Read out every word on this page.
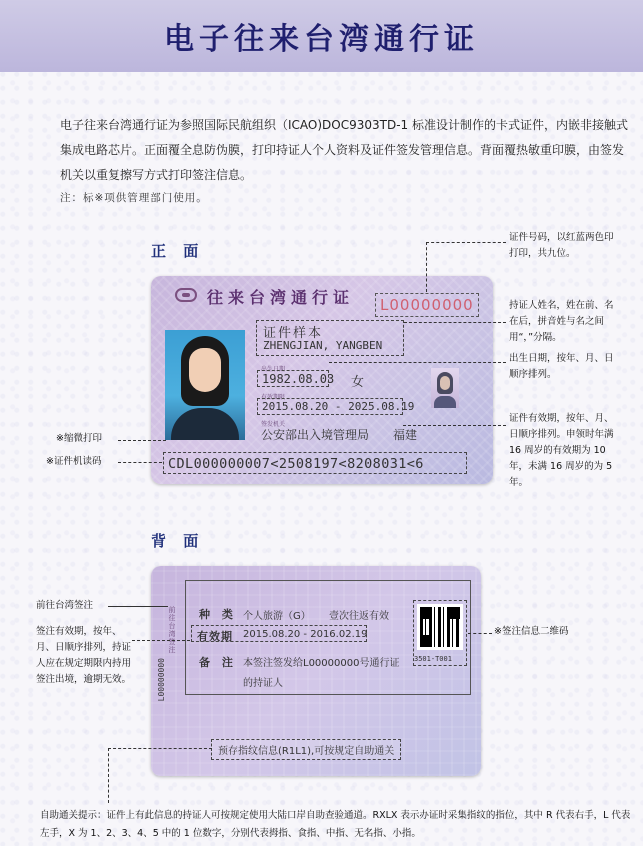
电子往来台湾通行证

电子往来台湾通行证为参照国际民航组织（ICAO)DOC9303TD-1 标准设计制作的卡式证件，内嵌非接触式集成电路芯片。正面覆全息防伪膜，打印持证人个人资料及证件签发管理信息。背面覆热敏重印膜，由签发机关以重复擦写方式打印签注信息。

注：标※项供管理部门使用。

正 面
往来台湾通行证	L00000000
证件样本
ZHENGJIAN, YANGBEN
出生日期
1982.08.03 女
有效期限
2015.08.20 - 2025.08.19
签发机关
公安部出入境管理局 福建
CDL000000007<2508197<8208031<6
证件号码，以红蓝两色印打印，共九位。
持证人姓名，姓在前、名在后，拼音姓与名之间用“，”分隔。
出生日期，按年、月、日顺序排列。
证件有效期，按年、月、日顺序排列。申领时年满 16 周岁的有效期为 10 年，未满 16 周岁的为 5 年。
※缩微打印
※证件机读码
背 面
前往台湾签注
L00000000
种 类 个人旅游（G） 壹次往返有效
有效期 2015.08.20 - 2016.02.19
备 注 本签注签发给L00000000号通行证的持证人
3501-T001
预存指纹信息(R1L1),可按规定自助通关
前往台湾签注
签注有效期，按年、月、日顺序排列，持证人应在规定期限内持用签注出境，逾期无效。
※签注信息二维码

自助通关提示：证件上有此信息的持证人可按规定使用大陆口岸自助查验通道。RXLX 表示办证时采集指纹的指位，其中 R 代表右手，L 代表左手，X 为 1、2、3、4、5 中的 1 位数字，分别代表拇指、食指、中指、无名指、小指。
